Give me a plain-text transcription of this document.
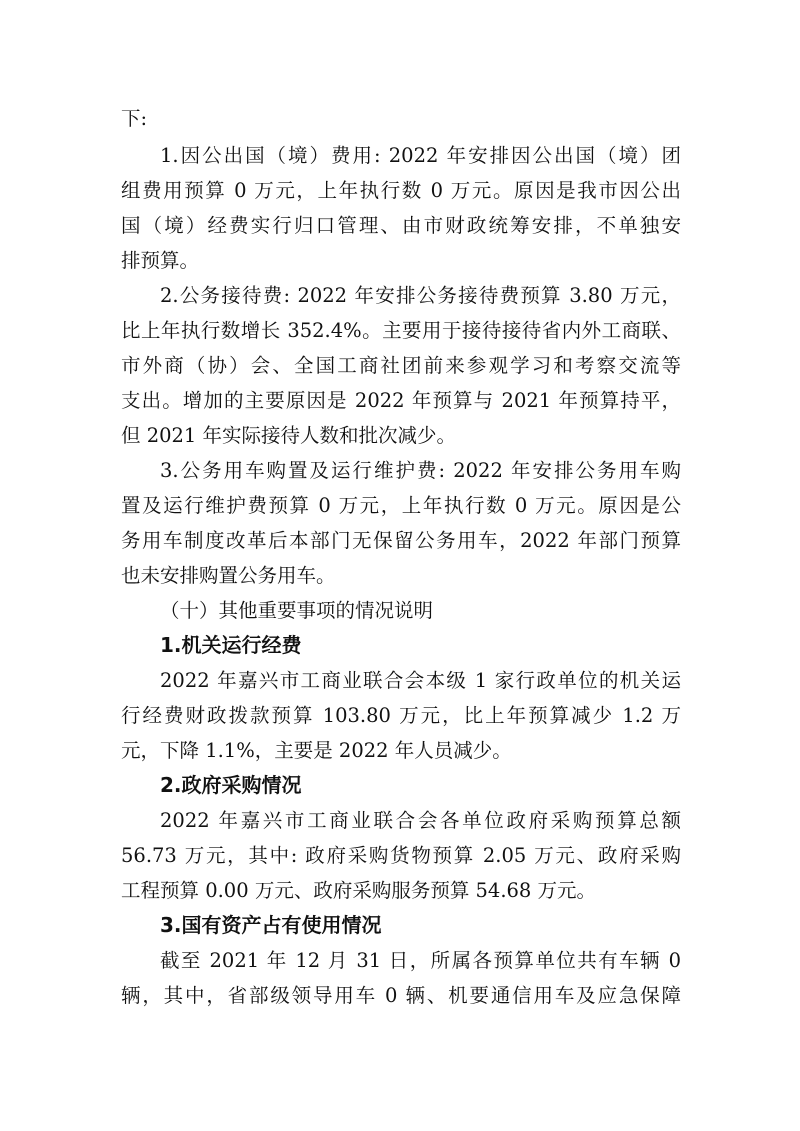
下:
1.因公出国（境）费用: 2022 年安排因公出国（境）团
组费用预算 0 万元，上年执行数 0 万元。原因是我市因公出
国（境）经费实行归口管理、由市财政统筹安排，不单独安
排预算。
2.公务接待费: 2022 年安排公务接待费预算 3.80 万元，
比上年执行数增长 352.4%。主要用于接待接待省内外工商联、
市外商（协）会、全国工商社团前来参观学习和考察交流等
支出。增加的主要原因是 2022 年预算与 2021 年预算持平，
但 2021 年实际接待人数和批次减少。
3.公务用车购置及运行维护费: 2022 年安排公务用车购
置及运行维护费预算 0 万元，上年执行数 0 万元。原因是公
务用车制度改革后本部门无保留公务用车，2022 年部门预算
也未安排购置公务用车。
（十）其他重要事项的情况说明
1.机关运行经费
2022 年嘉兴市工商业联合会本级 1 家行政单位的机关运
行经费财政拨款预算 103.80 万元，比上年预算减少 1.2 万
元，下降 1.1%，主要是 2022 年人员减少。
2.政府采购情况
2022 年嘉兴市工商业联合会各单位政府采购预算总额
56.73 万元，其中: 政府采购货物预算 2.05 万元、政府采购
工程预算 0.00 万元、政府采购服务预算 54.68 万元。
3.国有资产占有使用情况
截至 2021 年 12 月 31 日，所属各预算单位共有车辆 0
辆，其中，省部级领导用车 0 辆、机要通信用车及应急保障
